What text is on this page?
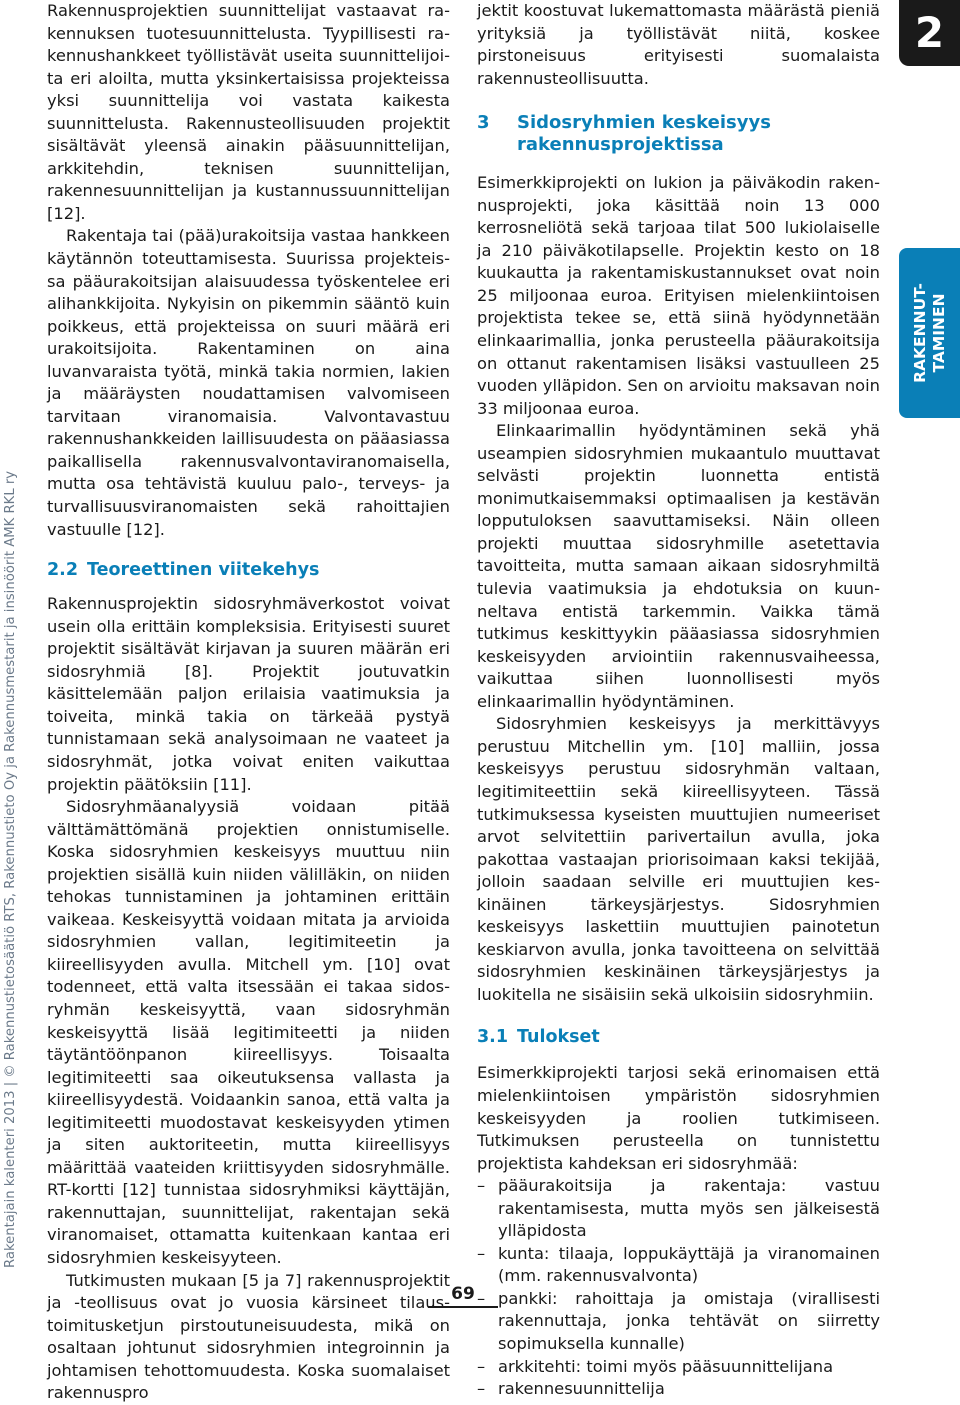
Rakentajain kalenteri 2013 | © Rakennustietosäätiö RTS, Rakennustieto Oy ja Rakennusmestarit ja insinöörit AMK RKL ry

Rakennusprojektien suunnittelijat vastaavat rakennuksen tuotesuunnittelusta. Tyypillisesti rakennushankkeet työllistävät useita suunnittelijoita eri aloilta, mutta yksinkertaisissa projekteissa yksi suunnittelija voi vastata kaikesta suunnittelusta. Rakennusteollisuuden projektit sisältävät yleensä ainakin pääsuunnittelijan, arkkitehdin, teknisen suunnittelijan, rakennesuunnittelijan ja kustannussuunnittelijan [12].

Rakentaja tai (pää)urakoitsija vastaa hankkeen käytännön toteuttamisesta. Suurissa projekteissa pääurakoitsijan alaisuudessa työskentelee eri alihankkijoita. Nykyisin on pikemmin sääntö kuin poikkeus, että projekteissa on suuri määrä eri urakoitsijoita. Rakentaminen on aina luvanvaraista työtä, minkä takia normien, lakien ja määräysten noudattamisen valvomiseen tarvitaan viranomaisia. Valvontavastuu rakennushankkeiden laillisuudesta on pääasiassa paikallisella rakennusvalvontaviranomaisella, mutta osa tehtävistä kuuluu palo-, terveys- ja turvallisuusviranomaisten sekä rahoittajien vastuulle [12].

2.2 Teoreettinen viitekehys

Rakennusprojektin sidosryhmäverkostot voivat usein olla erittäin kompleksisia. Erityisesti suuret projektit sisältävät kirjavan ja suuren määrän eri sidosryhmiä [8]. Projektit joutuvatkin käsittelemään paljon erilaisia vaatimuksia ja toiveita, minkä takia on tärkeää pystyä tunnistamaan sekä analysoimaan ne vaateet ja sidosryhmät, jotka voivat eniten vaikuttaa projektin päätöksiin [11].

Sidosryhmäanalyysiä voidaan pitää välttämättömänä projektien onnistumiselle. Koska sidosryhmien keskeisyys muuttuu niin projektien sisällä kuin niiden välilläkin, on niiden tehokas tunnistaminen ja johtaminen erittäin vaikeaa. Keskeisyyttä voidaan mitata ja arvioida sidosryhmien vallan, legitimiteetin ja kiireellisyyden avulla. Mitchell ym. [10] ovat todenneet, että valta itsessään ei takaa sidosryhmän keskeisyyttä, vaan sidosryhmän keskeisyyttä lisää legitimiteetti ja niiden täytäntöönpanon kiireellisyys. Toisaalta legitimiteetti saa oikeutuksensa vallasta ja kiireellisyydestä. Voidaankin sanoa, että valta ja legitimiteetti muodostavat keskeisyyden ytimen ja siten auktoriteetin, mutta kiireellisyys määrittää vaateiden kriittisyyden sidosryhmälle. RT-kortti [12] tunnistaa sidosryhmiksi käyttäjän, rakennuttajan, suunnittelijat, rakentajan sekä viranomaiset, ottamatta kuitenkaan kantaa eri sidosryhmien keskeisyyteen.

Tutkimusten mukaan [5 ja 7] rakennusprojektit ja -teollisuus ovat jo vuosia kärsineet tilaus-toimitusketjun pirstoutuneisuudesta, mikä on osaltaan johtunut sidosryhmien integroinnin ja johtamisen tehottomuudesta. Koska suomalaiset rakennuspro

jektit koostuvat lukemattomasta määrästä pieniä yrityksiä ja työllistävät niitä, koskee pirstoneisuus erityisesti suomalaista rakennusteollisuutta.

3	Sidosryhmien keskeisyys rakennusprojektissa

Esimerkkiprojekti on lukion ja päiväkodin rakennusprojekti, joka käsittää noin 13 000 kerrosneliötä sekä tarjoaa tilat 500 lukiolaiselle ja 210 päiväkotilapselle. Projektin kesto on 18 kuukautta ja rakentamiskustannukset ovat noin 25 miljoonaa euroa. Erityisen mielenkiintoisen projektista tekee se, että siinä hyödynnetään elinkaarimallia, jonka perusteella pääurakoitsija on ottanut rakentamisen lisäksi vastuulleen 25 vuoden ylläpidon. Sen on arvioitu maksavan noin 33 miljoonaa euroa.

Elinkaarimallin hyödyntäminen sekä yhä useampien sidosryhmien mukaantulo muuttavat selvästi projektin luonnetta entistä monimutkaisemmaksi optimaalisen ja kestävän lopputuloksen saavuttamiseksi. Näin olleen projekti muuttaa sidosryhmille asetettavia tavoitteita, mutta samaan aikaan sidosryhmiltä tulevia vaatimuksia ja ehdotuksia on kuunneltava entistä tarkemmin. Vaikka tämä tutkimus keskittyykin pääasiassa sidosryhmien keskeisyyden arviointiin rakennusvaiheessa, vaikuttaa siihen luonnollisesti myös elinkaarimallin hyödyntäminen.

Sidosryhmien keskeisyys ja merkittävyys perustuu Mitchellin ym. [10] malliin, jossa keskeisyys perustuu sidosryhmän valtaan, legitimiteettiin sekä kiireellisyyteen. Tässä tutkimuksessa kyseisten muuttujien numeeriset arvot selvitettiin parivertailun avulla, joka pakottaa vastaajan priorisoimaan kaksi tekijää, jolloin saadaan selville eri muuttujien keskinäinen tärkeysjärjestys. Sidosryhmien keskeisyys laskettiin muuttujien painotetun keskiarvon avulla, jonka tavoitteena on selvittää sidosryhmien keskinäinen tärkeysjärjestys ja luokitella ne sisäisiin sekä ulkoisiin sidosryhmiin.

3.1 Tulokset

Esimerkkiprojekti tarjosi sekä erinomaisen että mielenkiintoisen ympäristön sidosryhmien keskeisyyden ja roolien tutkimiseen. Tutkimuksen perusteella on tunnistettu projektista kahdeksan eri sidosryhmää:

– pääurakoitsija ja rakentaja: vastuu rakentamisesta, mutta myös sen jälkeisestä ylläpidosta
– kunta: tilaaja, loppukäyttäjä ja viranomainen (mm. rakennusvalvonta)
– pankki: rahoittaja ja omistaja (virallisesti rakennuttaja, jonka tehtävät on siirretty sopimuksella kunnalle)
– arkkitehti: toimi myös pääsuunnittelijana
– rakennesuunnittelija
2
RAKENNUT- TAMINEN
69
